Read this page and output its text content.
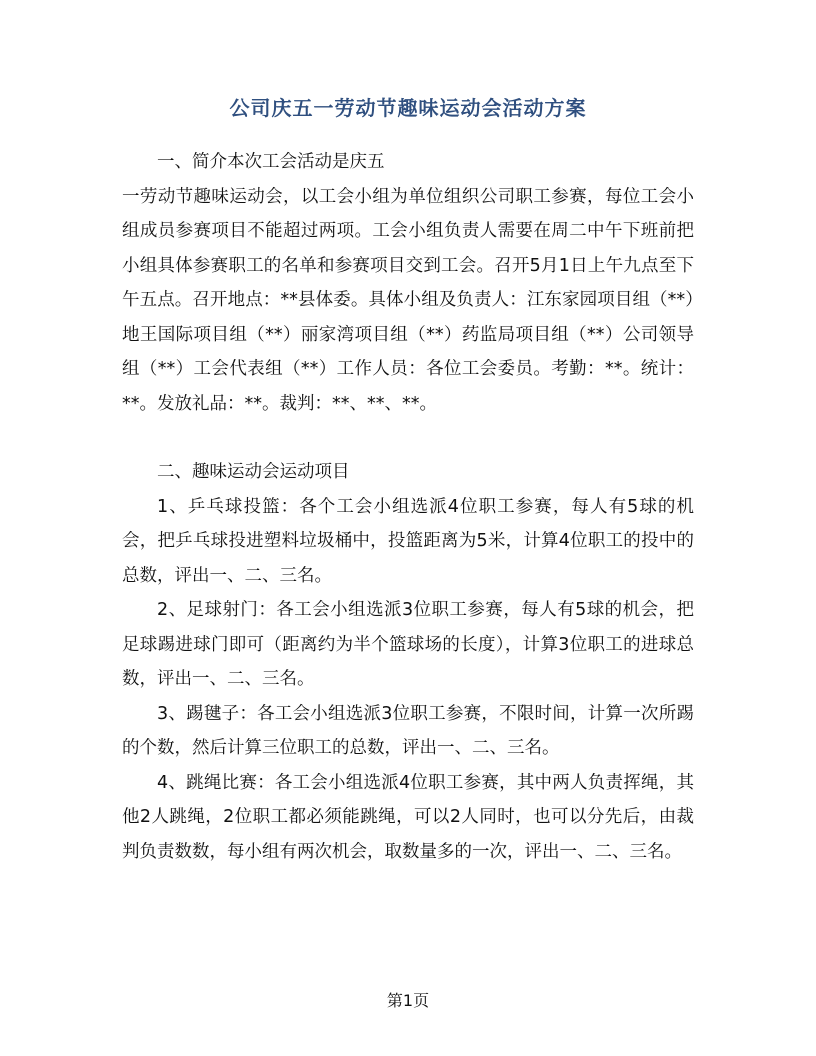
公司庆五一劳动节趣味运动会活动方案

一、简介本次工会活动是庆五

一劳动节趣味运动会，以工会小组为单位组织公司职工参赛，每位工会小组成员参赛项目不能超过两项。工会小组负责人需要在周二中午下班前把小组具体参赛职工的名单和参赛项目交到工会。召开5月1日上午九点至下午五点。召开地点：**县体委。具体小组及负责人：江东家园项目组（**）地王国际项目组（**）丽家湾项目组（**）药监局项目组（**）公司领导组（**）工会代表组（**）工作人员：各位工会委员。考勤：**。统计：**。发放礼品：**。裁判：**、**、**。

二、趣味运动会运动项目

1、乒乓球投篮：各个工会小组选派4位职工参赛，每人有5球的机会，把乒乓球投进塑料垃圾桶中，投篮距离为5米，计算4位职工的投中的总数，评出一、二、三名。

2、足球射门：各工会小组选派3位职工参赛，每人有5球的机会，把足球踢进球门即可（距离约为半个篮球场的长度），计算3位职工的进球总数，评出一、二、三名。

3、踢毽子：各工会小组选派3位职工参赛，不限时间，计算一次所踢的个数，然后计算三位职工的总数，评出一、二、三名。

4、跳绳比赛：各工会小组选派4位职工参赛，其中两人负责挥绳，其他2人跳绳，2位职工都必须能跳绳，可以2人同时，也可以分先后，由裁判负责数数，每小组有两次机会，取数量多的一次，评出一、二、三名。

第1页
